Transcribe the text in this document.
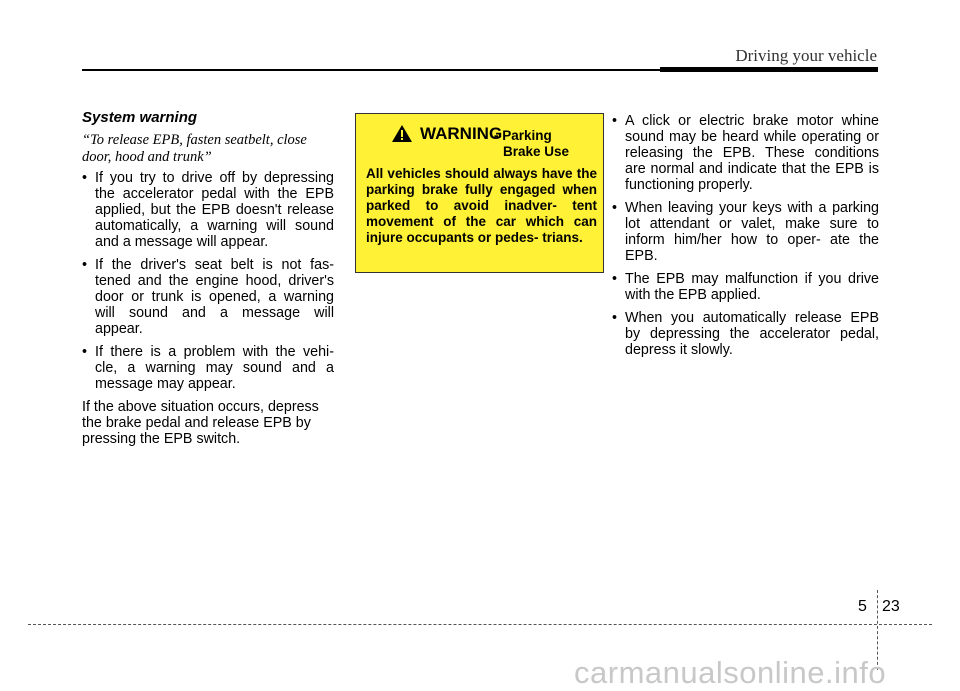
Driving your vehicle
System warning
“To release EPB, fasten seatbelt, close
door, hood and trunk”
• If you try to drive off by depressing the accelerator pedal with the EPB applied, but the EPB doesn't release automatically, a warning will sound and a message will appear.
• If the driver's seat belt is not fas- tened and the engine hood, driver's door or trunk is opened, a warning will sound and a message will appear.
• If there is a problem with the vehi- cle, a warning may sound and a message may appear.

If the above situation occurs, depress the brake pedal and release EPB by pressing the EPB switch.

WARNING
- Parking
Brake Use
All vehicles should always have the parking brake fully engaged when parked to avoid inadver- tent movement of the car which can injure occupants or pedes- trians.
• A click or electric brake motor whine sound may be heard while operating or releasing the EPB. These conditions are normal and indicate that the EPB is functioning properly.
• When leaving your keys with a parking lot attendant or valet, make sure to inform him/her how to oper- ate the EPB.
• The EPB may malfunction if you drive with the EPB applied.
• When you automatically release EPB by depressing the accelerator pedal, depress it slowly.
5 23
carmanualsonline.info
